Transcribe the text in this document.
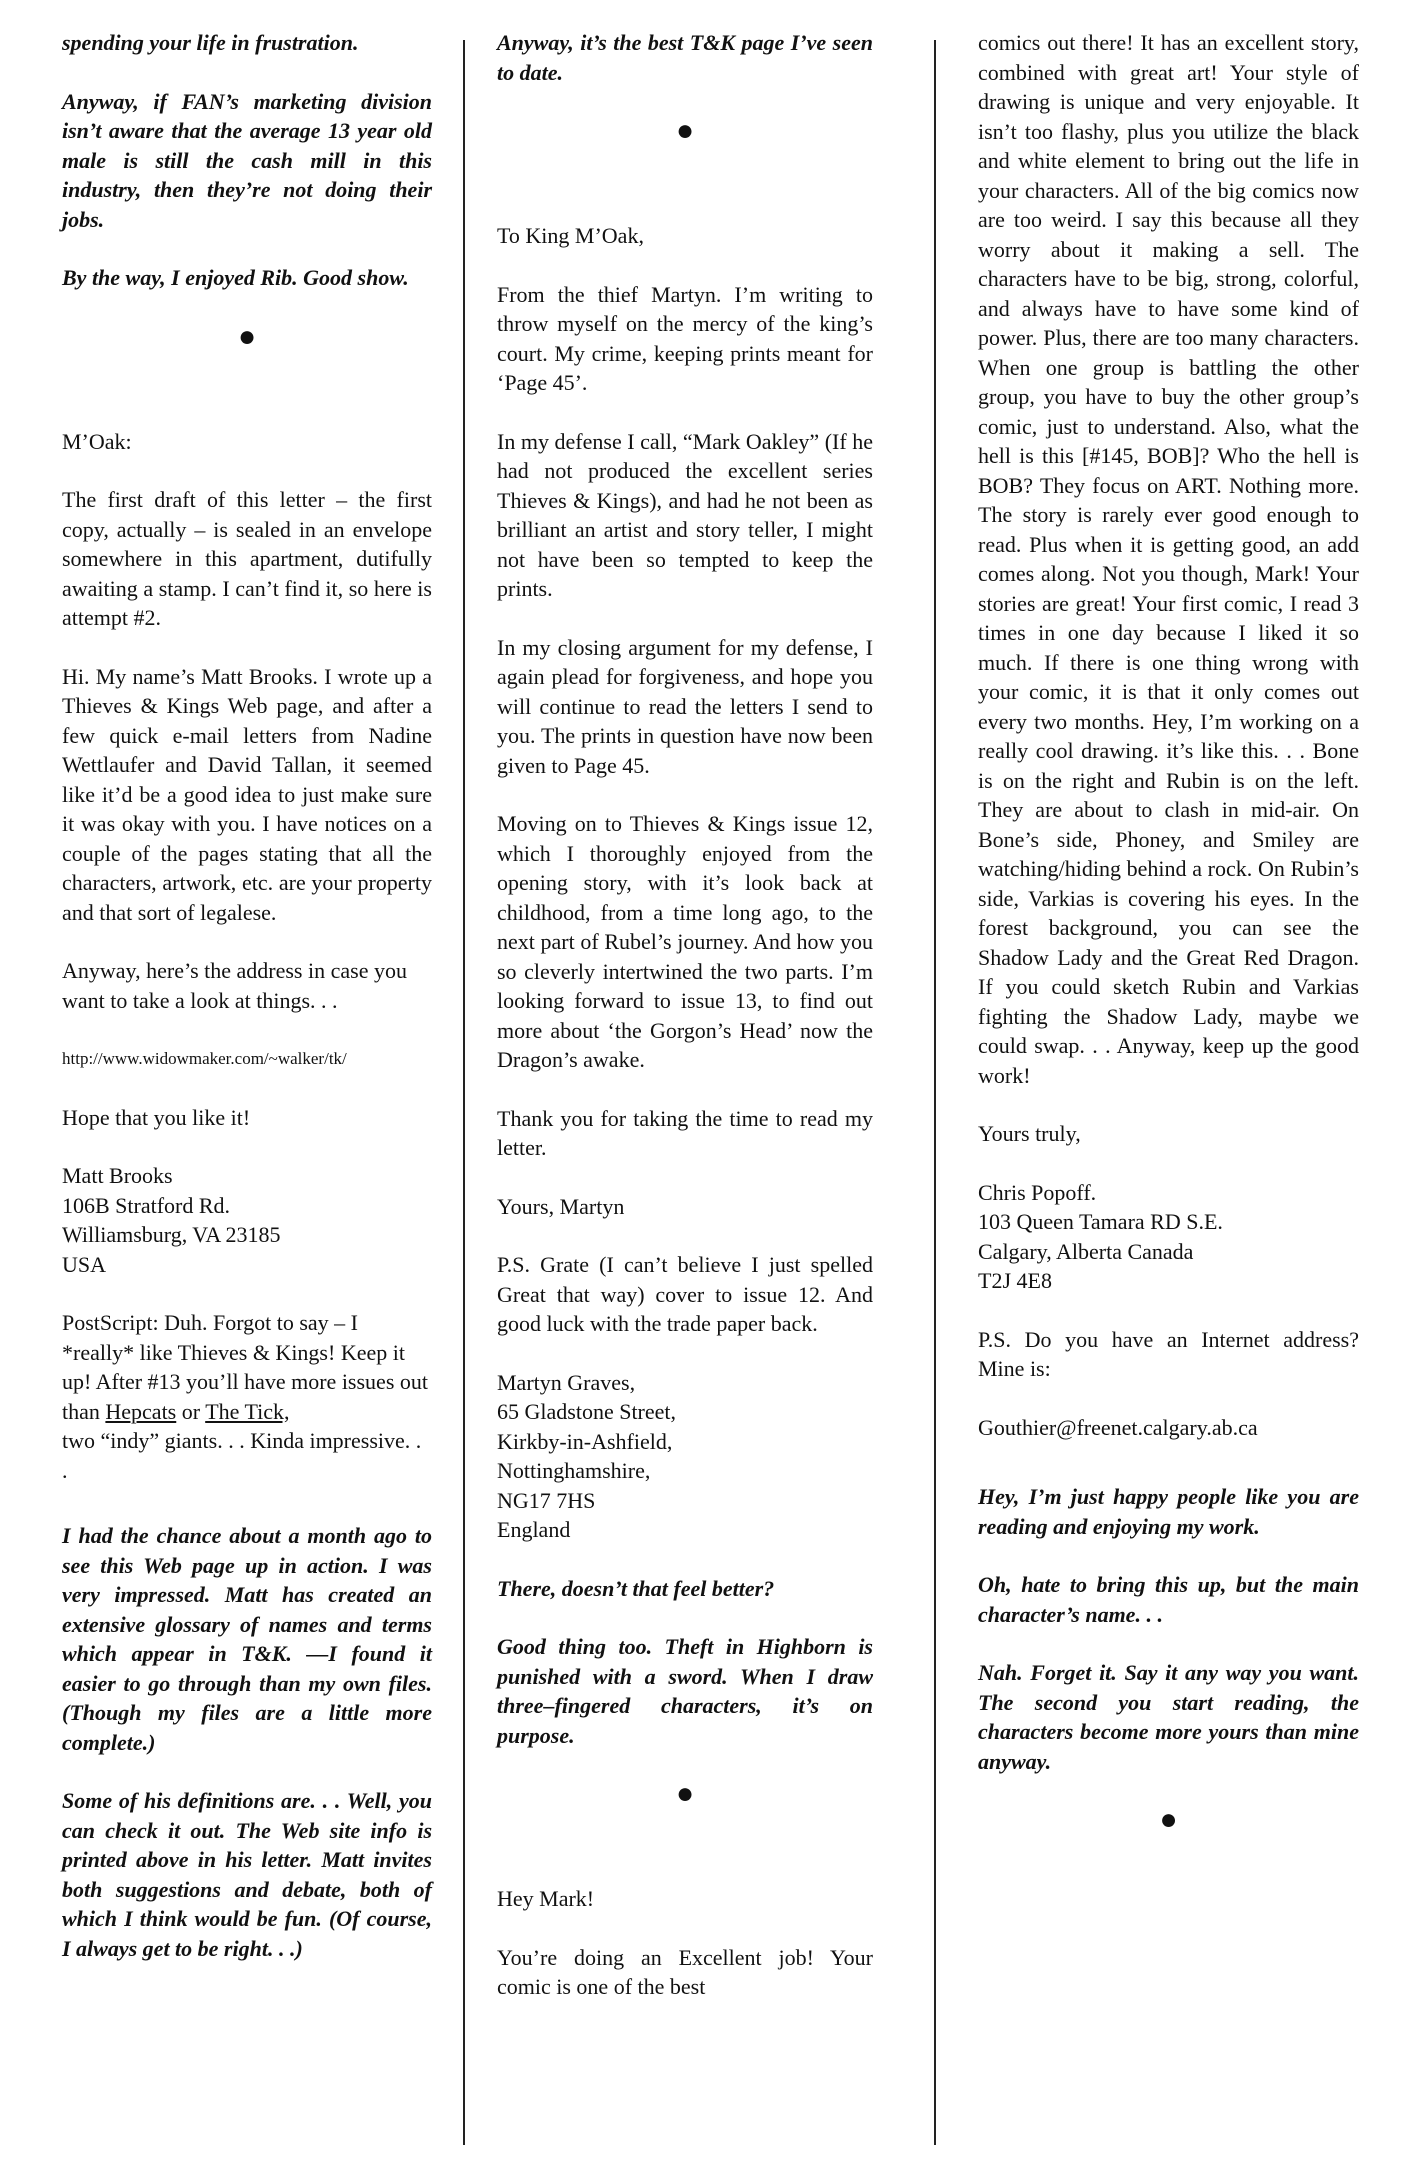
spending your life in frustration.

Anyway, if FAN’s marketing division isn’t aware that the average 13 year old male is still the cash mill in this industry, then they’re not doing their jobs.

By the way, I enjoyed Rib. Good show.

●

M’Oak:

The first draft of this letter – the first copy, actually – is sealed in an envelope somewhere in this apartment, dutifully awaiting a stamp. I can’t find it, so here is attempt #2.

Hi. My name’s Matt Brooks. I wrote up a Thieves & Kings Web page, and after a few quick e-mail letters from Nadine Wettlaufer and David Tallan, it seemed like it’d be a good idea to just make sure it was okay with you. I have notices on a couple of the pages stating that all the characters, artwork, etc. are your property and that sort of legalese.

Anyway, here’s the address in case you want to take a look at things. . .

http://www.widowmaker.com/~walker/tk/

Hope that you like it!

Matt Brooks
106B Stratford Rd.
Williamsburg, VA 23185
USA

PostScript: Duh. Forgot to say – I *really* like Thieves & Kings! Keep it up! After #13 you’ll have more issues out than Hepcats or The Tick,
two “indy” giants. . . Kinda impressive. . .

I had the chance about a month ago to see this Web page up in action. I was very impressed. Matt has created an extensive glossary of names and terms which appear in T&K. —I found it easier to go through than my own files. (Though my files are a little more complete.)

Some of his definitions are. . . Well, you can check it out. The Web site info is printed above in his letter. Matt invites both suggestions and debate, both of which I think would be fun. (Of course, I always get to be right. . .)

Anyway, it’s the best T&K page I’ve seen to date.

●

To King M’Oak,

From the thief Martyn. I’m writing to throw myself on the mercy of the king’s court. My crime, keeping prints meant for ‘Page 45’.

In my defense I call, “Mark Oakley” (If he had not produced the excellent series Thieves & Kings), and had he not been as brilliant an artist and story teller, I might not have been so tempted to keep the prints.

In my closing argument for my defense, I again plead for forgiveness, and hope you will continue to read the letters I send to you. The prints in question have now been given to Page 45.

Moving on to Thieves & Kings issue 12, which I thoroughly enjoyed from the opening story, with it’s look back at childhood, from a time long ago, to the next part of Rubel’s journey. And how you so cleverly intertwined the two parts. I’m looking forward to issue 13, to find out more about ‘the Gorgon’s Head’ now the Dragon’s awake.

Thank you for taking the time to read my letter.

Yours, Martyn

P.S. Grate (I can’t believe I just spelled Great that way) cover to issue 12. And good luck with the trade paper back.

Martyn Graves,
65 Gladstone Street,
Kirkby-in-Ashfield,
Nottinghamshire,
NG17 7HS
England

There, doesn’t that feel better?

Good thing too. Theft in Highborn is punished with a sword. When I draw three–fingered characters, it’s on purpose.

●

Hey Mark!

You’re doing an Excellent job! Your comic is one of the best

comics out there! It has an excellent story, combined with great art! Your style of drawing is unique and very enjoyable. It isn’t too flashy, plus you utilize the black and white element to bring out the life in your characters. All of the big comics now are too weird. I say this because all they worry about it making a sell. The characters have to be big, strong, colorful, and always have to have some kind of power. Plus, there are too many characters. When one group is battling the other group, you have to buy the other group’s comic, just to understand. Also, what the hell is this [#145, BOB]? Who the hell is BOB? They focus on ART. Nothing more. The story is rarely ever good enough to read. Plus when it is getting good, an add comes along. Not you though, Mark! Your stories are great! Your first comic, I read 3 times in one day because I liked it so much. If there is one thing wrong with your comic, it is that it only comes out every two months. Hey, I’m working on a really cool drawing. it’s like this. . . Bone is on the right and Rubin is on the left. They are about to clash in mid-air. On Bone’s side, Phoney, and Smiley are watching/hiding behind a rock. On Rubin’s side, Varkias is covering his eyes. In the forest background, you can see the Shadow Lady and the Great Red Dragon. If you could sketch Rubin and Varkias fighting the Shadow Lady, maybe we could swap. . . Anyway, keep up the good work!

Yours truly,

Chris Popoff.
103 Queen Tamara RD S.E.
Calgary, Alberta Canada
T2J 4E8

P.S. Do you have an Internet address? Mine is:

Gouthier@freenet.calgary.ab.ca

Hey, I’m just happy people like you are reading and enjoying my work.

Oh, hate to bring this up, but the main character’s name. . .

Nah. Forget it. Say it any way you want. The second you start reading, the characters become more yours than mine anyway.

●
